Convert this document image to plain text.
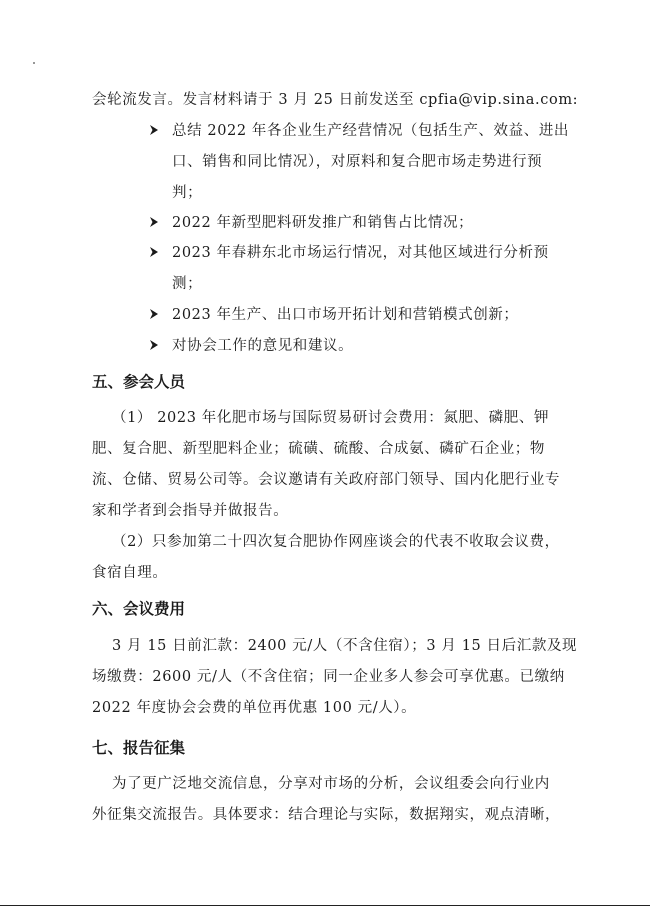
会轮流发言。发言材料请于 3 月 25 日前发送至 cpfia@vip.sina.com:
总结 2022 年各企业生产经营情况（包括生产、效益、进出
口、销售和同比情况），对原料和复合肥市场走势进行预
判；
2022 年新型肥料研发推广和销售占比情况；
2023 年春耕东北市场运行情况，对其他区域进行分析预
测；
2023 年生产、出口市场开拓计划和营销模式创新；
对协会工作的意见和建议。
五、参会人员
（1） 2023 年化肥市场与国际贸易研讨会费用：氮肥、磷肥、钾
肥、复合肥、新型肥料企业；硫磺、硫酸、合成氨、磷矿石企业；物
流、仓储、贸易公司等。会议邀请有关政府部门领导、国内化肥行业专
家和学者到会指导并做报告。
（2）只参加第二十四次复合肥协作网座谈会的代表不收取会议费，
食宿自理。
六、会议费用
3 月 15 日前汇款：2400 元/人（不含住宿）；3 月 15 日后汇款及现
场缴费：2600 元/人（不含住宿；同一企业多人参会可享优惠。已缴纳
2022 年度协会会费的单位再优惠 100 元/人）。
七、报告征集
为了更广泛地交流信息，分享对市场的分析，会议组委会向行业内
外征集交流报告。具体要求：结合理论与实际，数据翔实，观点清晰，
